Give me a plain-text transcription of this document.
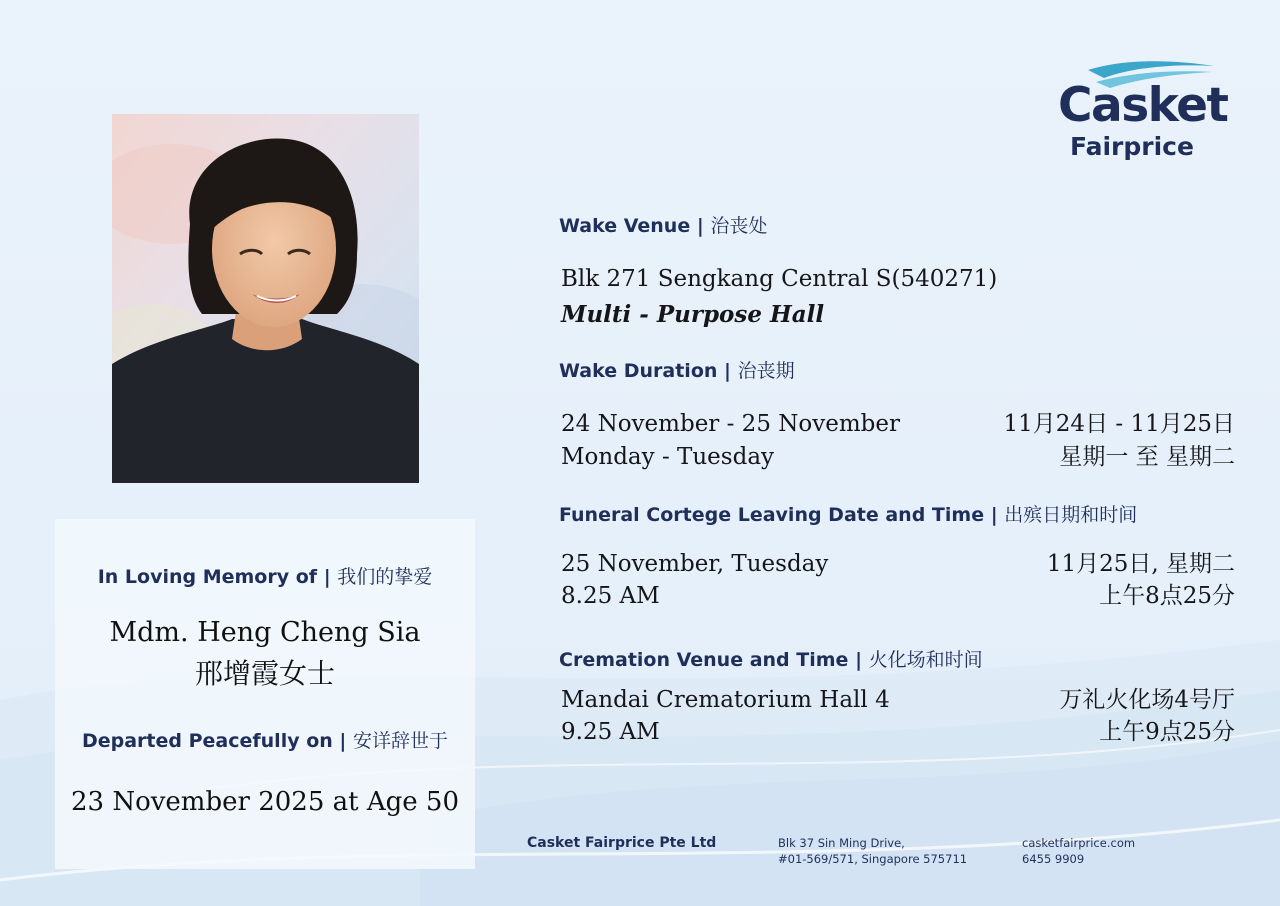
Casket
Fairprice
In Loving Memory of | 我们的挚爱
Mdm. Heng Cheng Sia
邢增霞女士
Departed Peacefully on | 安详辞世于
23 November 2025 at Age 50
Wake Venue | 治丧处
Blk 271 Sengkang Central S(540271)
Multi - Purpose Hall
Wake Duration | 治丧期
24 November - 25 November
Monday - Tuesday
11月24日 - 11月25日
星期一 至 星期二
Funeral Cortege Leaving Date and Time | 出殡日期和时间
25 November, Tuesday
8.25 AM
11月25日, 星期二
上午8点25分
Cremation Venue and Time | 火化场和时间
Mandai Crematorium Hall 4
9.25 AM
万礼火化场4号厅
上午9点25分
Casket Fairprice Pte Ltd	Blk 37 Sin Ming Drive,
#01-569/571, Singapore 575711
casketfairprice.com
6455 9909
